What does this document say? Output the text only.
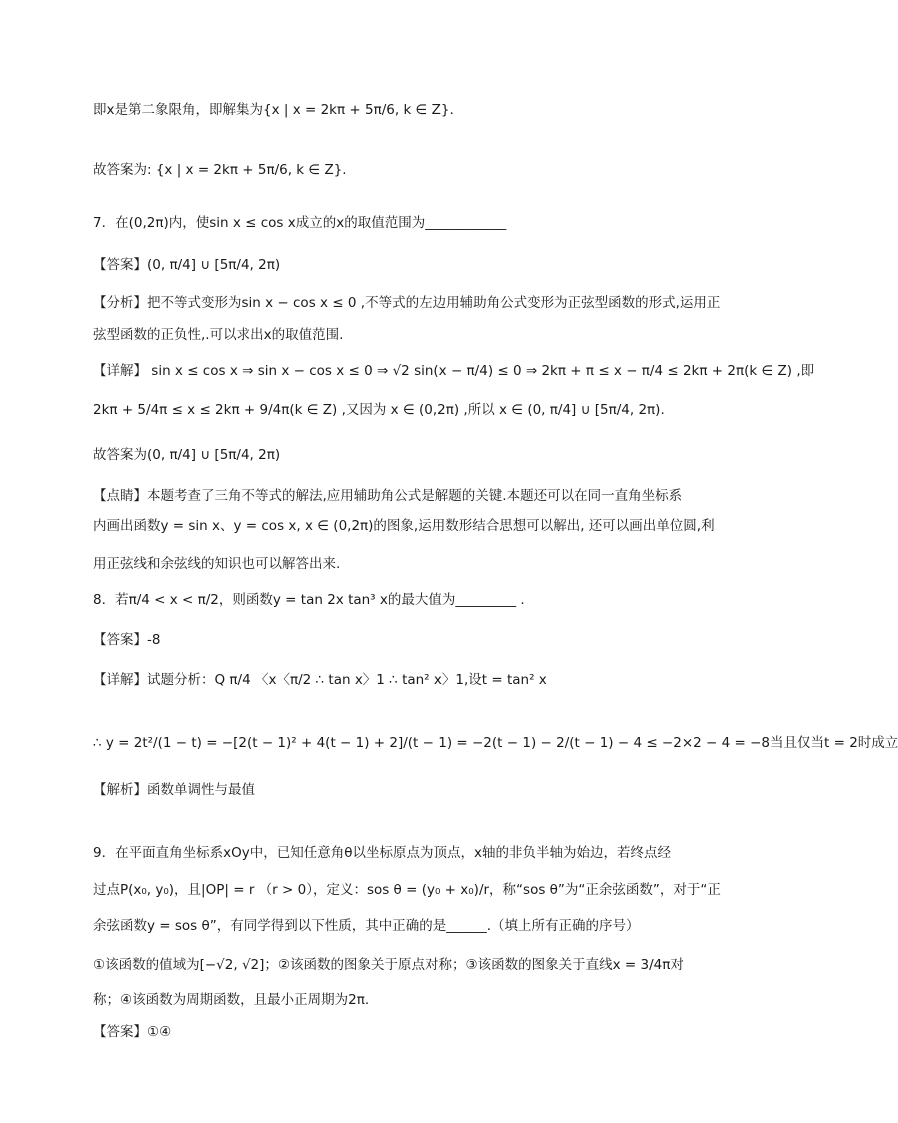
即x是第二象限角，即解集为{x | x = 2kπ + 5π/6, k ∈ Z}.
故答案为: {x | x = 2kπ + 5π/6, k ∈ Z}.
7．在(0,2π)内，使sin x ≤ cos x成立的x的取值范围为____________
【答案】(0, π/4] ∪ [5π/4, 2π)
【分析】把不等式变形为sin x − cos x ≤ 0 ,不等式的左边用辅助角公式变形为正弦型函数的形式,运用正
弦型函数的正负性,.可以求出x的取值范围.
【详解】 sin x ≤ cos x ⇒ sin x − cos x ≤ 0 ⇒ √2 sin(x − π/4) ≤ 0 ⇒ 2kπ + π ≤ x − π/4 ≤ 2kπ + 2π(k ∈ Z) ,即
2kπ + 5/4π ≤ x ≤ 2kπ + 9/4π(k ∈ Z) ,又因为 x ∈ (0,2π) ,所以 x ∈ (0, π/4] ∪ [5π/4, 2π).
故答案为(0, π/4] ∪ [5π/4, 2π)
【点睛】本题考查了三角不等式的解法,应用辅助角公式是解题的关键.本题还可以在同一直角坐标系
内画出函数y = sin x、y = cos x, x ∈ (0,2π)的图象,运用数形结合思想可以解出, 还可以画出单位圆,利
用正弦线和余弦线的知识也可以解答出来.
8．若π/4 < x < π/2，则函数y = tan 2x tan³ x的最大值为_________ .
【答案】-8
【详解】试题分析：Q π/4 〈x〈π/2 ∴ tan x〉1 ∴ tan² x〉1,设t = tan² x
∴ y = 2t²/(1 − t) = −[2(t − 1)² + 4(t − 1) + 2]/(t − 1) = −2(t − 1) − 2/(t − 1) − 4 ≤ −2×2 − 4 = −8当且仅当t = 2时成立
【解析】函数单调性与最值
9．在平面直角坐标系xOy中，已知任意角θ以坐标原点为顶点，x轴的非负半轴为始边，若终点经
过点P(x₀, y₀)，且|OP| = r （r > 0），定义：sos θ = (y₀ + x₀)/r，称“sos θ”为“正余弦函数”，对于“正
余弦函数y = sos θ”，有同学得到以下性质，其中正确的是______.（填上所有正确的序号）
①该函数的值域为[−√2, √2]；②该函数的图象关于原点对称；③该函数的图象关于直线x = 3/4π对
称；④该函数为周期函数，且最小正周期为2π.
【答案】①④
